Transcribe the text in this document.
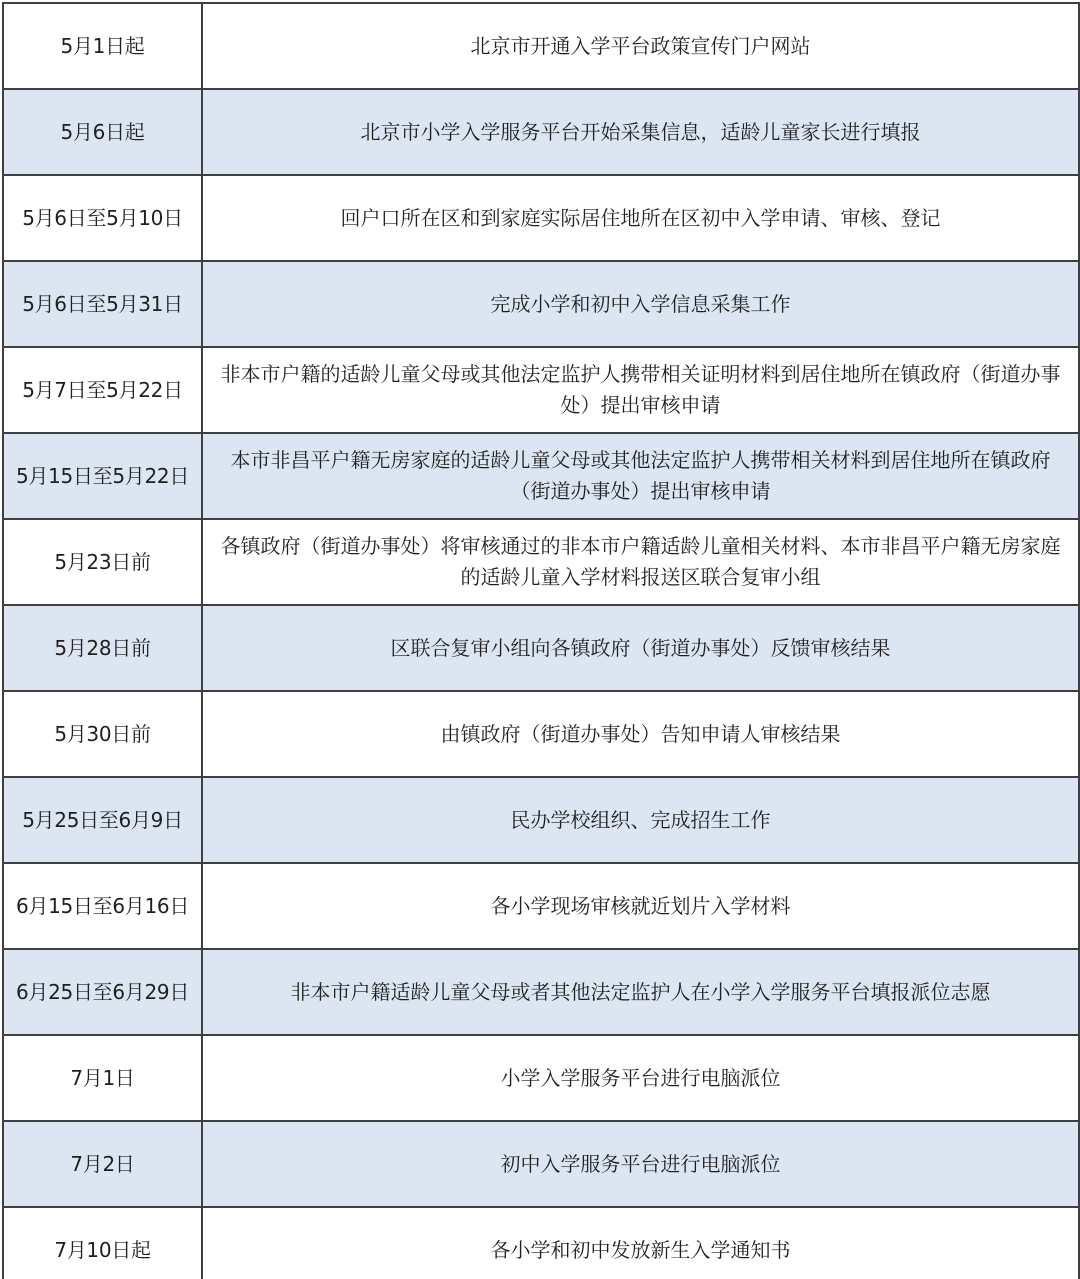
5月1日起	北京市开通入学平台政策宣传门户网站
5月6日起	北京市小学入学服务平台开始采集信息，适龄儿童家长进行填报
5月6日至5月10日	回户口所在区和到家庭实际居住地所在区初中入学申请、审核、登记
5月6日至5月31日	完成小学和初中入学信息采集工作
5月7日至5月22日	非本市户籍的适龄儿童父母或其他法定监护人携带相关证明材料到居住地所在镇政府（街道办事处）提出审核申请
5月15日至5月22日	本市非昌平户籍无房家庭的适龄儿童父母或其他法定监护人携带相关材料到居住地所在镇政府（街道办事处）提出审核申请
5月23日前	各镇政府（街道办事处）将审核通过的非本市户籍适龄儿童相关材料、本市非昌平户籍无房家庭的适龄儿童入学材料报送区联合复审小组
5月28日前	区联合复审小组向各镇政府（街道办事处）反馈审核结果
5月30日前	由镇政府（街道办事处）告知申请人审核结果
5月25日至6月9日	民办学校组织、完成招生工作
6月15日至6月16日	各小学现场审核就近划片入学材料
6月25日至6月29日	非本市户籍适龄儿童父母或者其他法定监护人在小学入学服务平台填报派位志愿
7月1日	小学入学服务平台进行电脑派位
7月2日	初中入学服务平台进行电脑派位
7月10日起	各小学和初中发放新生入学通知书
